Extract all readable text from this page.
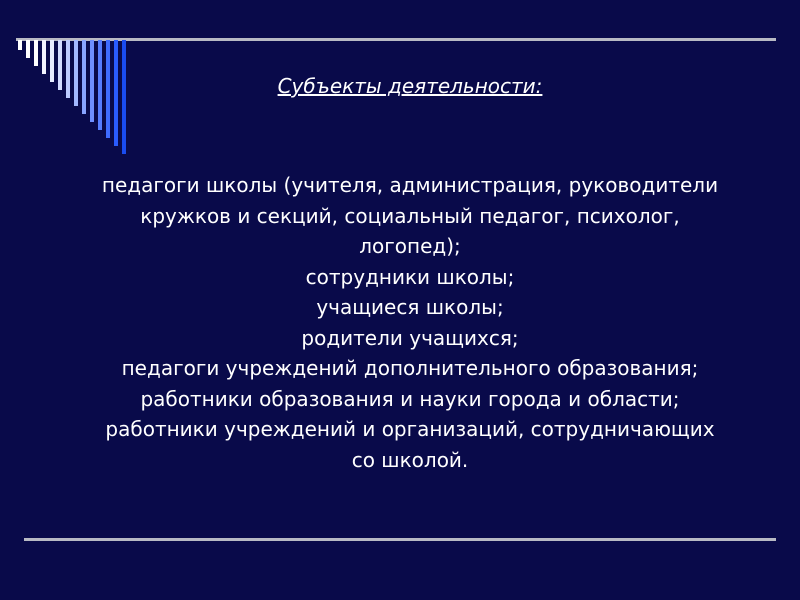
Субъекты деятельности:
педагоги школы (учителя, администрация, руководители
кружков и секций, социальный педагог, психолог,
логопед);
сотрудники школы;
учащиеся школы;
родители учащихся;
педагоги учреждений дополнительного образования;
работники образования и науки города и области;
работники учреждений и организаций, сотрудничающих
со школой.
